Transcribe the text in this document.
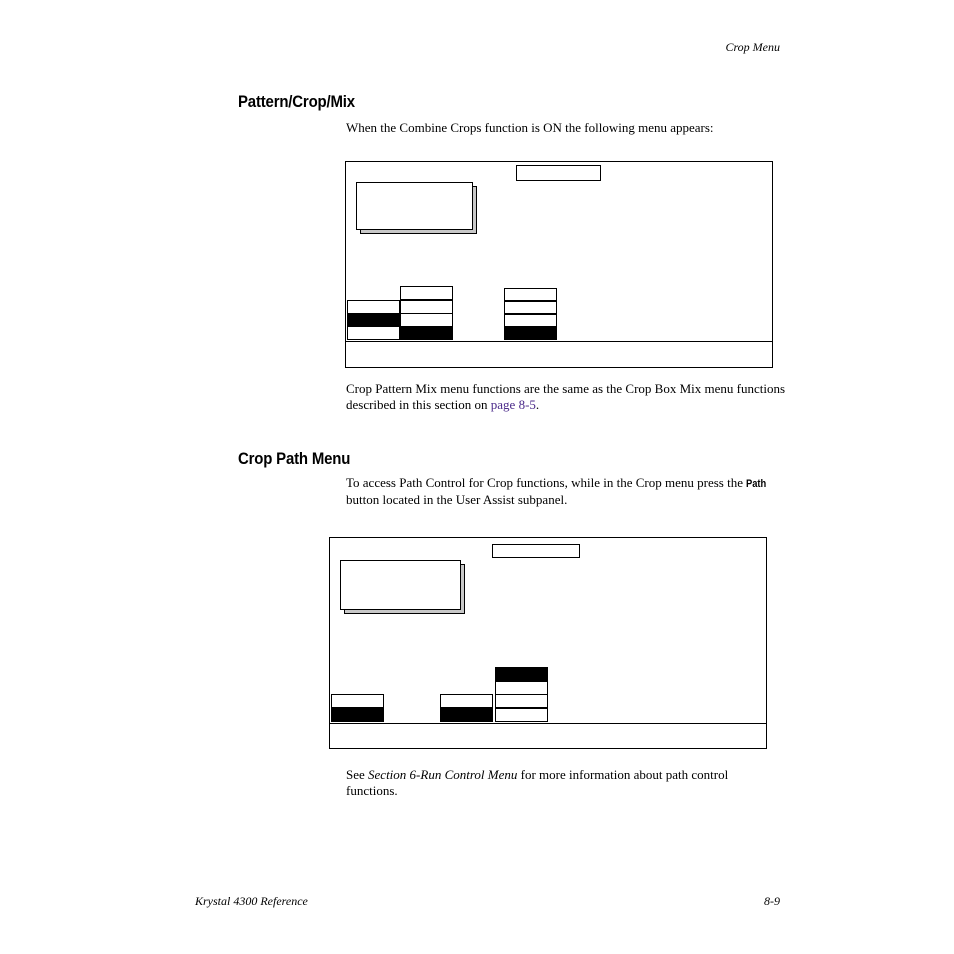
Crop Menu
Pattern/Crop/Mix
When the Combine Crops function is ON the following menu appears:
Crop Pattern Mix menu functions are the same as the Crop Box Mix menu functions described in this section on page 8-5.
Crop Path Menu
To access Path Control for Crop functions, while in the Crop menu press the Path button located in the User Assist subpanel.
See Section 6-Run Control Menu for more information about path control functions.
Krystal 4300 Reference	8-9
